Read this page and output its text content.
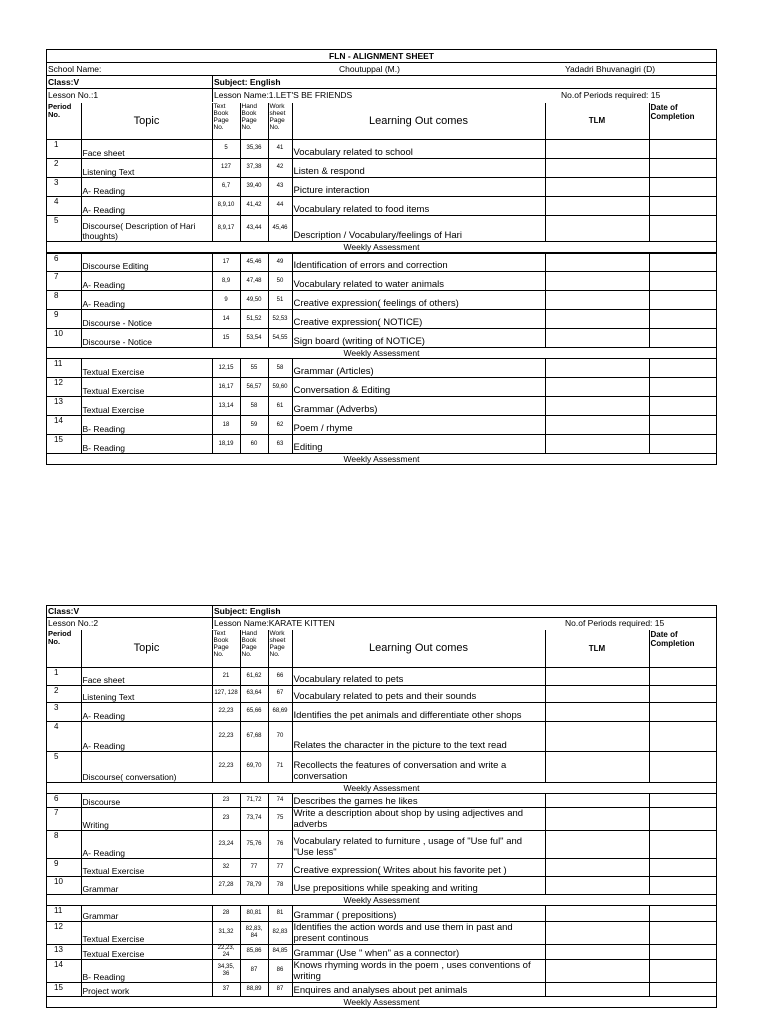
FLN - ALIGNMENT SHEET
School Name:	Choutuppal (M.)	Yadadri Bhuvanagiri (D)
Class:V	Subject: English
Lesson No.:1	Lesson Name:1.LET'S BE FRIENDS	No.of Periods required: 15
Period No.	Topic	Text Book Page No.	Hand Book Page No.	Work sheet Page No.	Learning Out comes	TLM	Date of Completion
1	Face sheet	5	35,36	41	Vocabulary related to school		
2	Listening Text	127	37,38	42	Listen & respond		
3	A- Reading	6,7	39,40	43	Picture interaction		
4	A- Reading	8,9,10	41,42	44	Vocabulary related to food items		
5	Discourse( Description of Hari thoughts)	8,9,17	43,44	45,46	Description / Vocabulary/feelings of Hari		
Weekly Assessment							
6	Discourse Editing	17	45,46	49	Identification of errors and correction		
7	A- Reading	8,9	47,48	50	Vocabulary related to water animals		
8	A- Reading	9	49,50	51	Creative expression( feelings of others)		
9	Discourse - Notice	14	51,52	52,53	Creative expression( NOTICE)		
10	Discourse - Notice	15	53,54	54,55	Sign board (writing of NOTICE)		
Weekly Assessment							
11	Textual Exercise	12,15	55	58	Grammar (Articles)		
12	Textual Exercise	16,17	56,57	59,60	Conversation & Editing		
13	Textual Exercise	13,14	58	61	Grammar (Adverbs)		
14	B- Reading	18	59	62	Poem / rhyme		
15	B- Reading	18,19	60	63	Editing		
Weekly Assessment							
Class:V	Subject: English
Lesson No.:2	Lesson Name:KARATE KITTEN	No.of Periods required: 15
Period No.	Topic	Text Book Page No.	Hand Book Page No.	Work sheet Page No.	Learning Out comes	TLM	Date of Completion
1	Face sheet	21	61,62	66	Vocabulary related to pets		
2	Listening Text	127, 128	63,64	67	Vocabulary related to pets and their sounds		
3	A- Reading	22,23	65,66	68,69	Identifies the pet animals and differentiate other shops		
4	A- Reading	22,23	67,68	70	Relates the character in the picture to the text read		
5	Discourse( conversation)	22,23	69,70	71	Recollects the features of conversation and write a conversation		
Weekly Assessment							
6	Discourse	23	71,72	74	Describes the games he likes		
7	Writing	23	73,74	75	Write a description about shop by using adjectives and adverbs		
8	A- Reading	23,24	75,76	76	Vocabulary related to furniture , usage of "Use ful" and "Use less"		
9	Textual Exercise	32	77	77	Creative expression( Writes about his favorite pet )		
10	Grammar	27,28	78,79	78	Use prepositions while speaking and writing		
Weekly Assessment							
11	Grammar	28	80,81	81	Grammar ( prepositions)		
12	Textual Exercise	31,32	82,83, 84	82,83	Identifies the action words and use them in past and present continous		
13	Textual Exercise	22,23, 24	85,86	84,85	Grammar (Use " when" as a connector)		
14	B- Reading	34,35, 36	87	86	Knows rhyming words in the poem , uses conventions of writing		
15	Project work	37	88,89	87	Enquires and analyses about pet animals		
Weekly Assessment							
